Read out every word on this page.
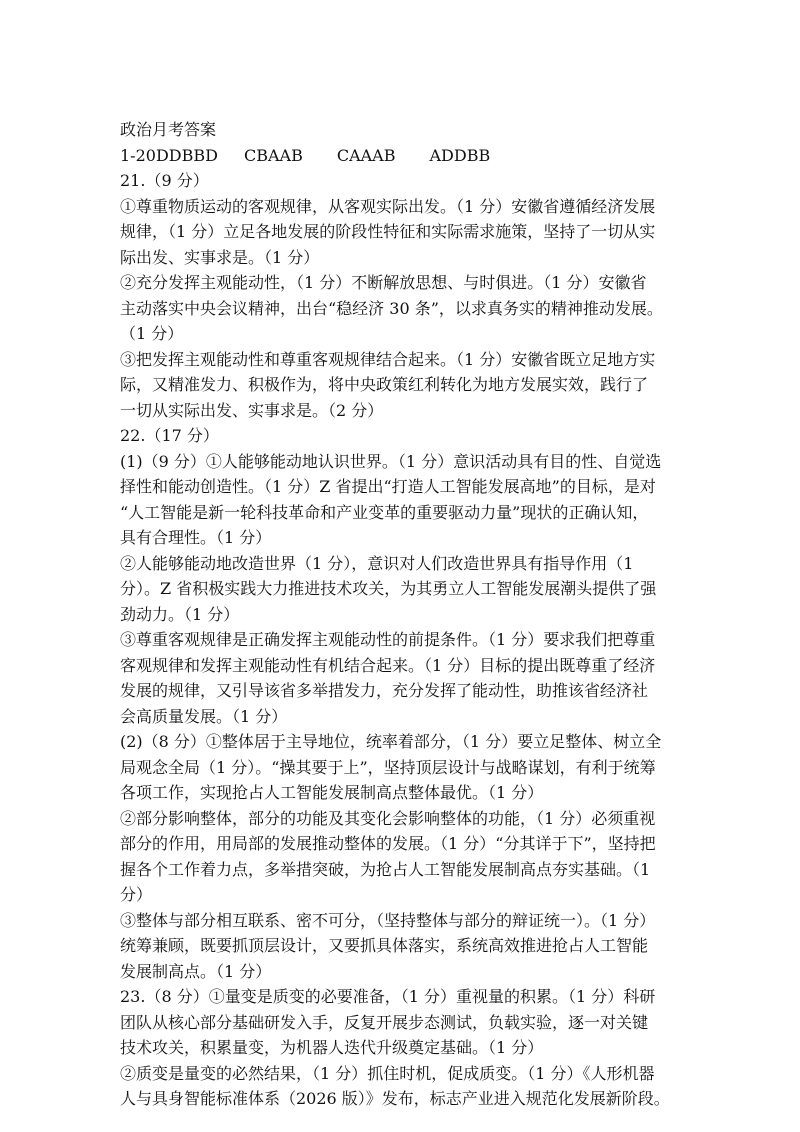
政治月考答案
1-20DDBBD CBAAB CAAAB ADDBB
21.（9 分）
①尊重物质运动的客观规律，从客观实际出发。（1 分）安徽省遵循经济发展
规律，（1 分）立足各地发展的阶段性特征和实际需求施策，坚持了一切从实
际出发、实事求是。（1 分）
②充分发挥主观能动性，（1 分）不断解放思想、与时俱进。（1 分）安徽省
主动落实中央会议精神，出台“稳经济 30 条”，以求真务实的精神推动发展。
（1 分）
③把发挥主观能动性和尊重客观规律结合起来。（1 分）安徽省既立足地方实
际，又精准发力、积极作为，将中央政策红利转化为地方发展实效，践行了
一切从实际出发、实事求是。（2 分）
22.（17 分）
(1)（9 分）①人能够能动地认识世界。（1 分）意识活动具有目的性、自觉选
择性和能动创造性。（1 分）Z 省提出“打造人工智能发展高地”的目标，是对
“人工智能是新一轮科技革命和产业变革的重要驱动力量”现状的正确认知，
具有合理性。（1 分）
②人能够能动地改造世界（1 分），意识对人们改造世界具有指导作用（1
分）。Z 省积极实践大力推进技术攻关，为其勇立人工智能发展潮头提供了强
劲动力。（1 分）
③尊重客观规律是正确发挥主观能动性的前提条件。（1 分）要求我们把尊重
客观规律和发挥主观能动性有机结合起来。（1 分）目标的提出既尊重了经济
发展的规律，又引导该省多举措发力，充分发挥了能动性，助推该省经济社
会高质量发展。（1 分）
(2)（8 分）①整体居于主导地位，统率着部分，（1 分）要立足整体、树立全
局观念全局（1 分）。“操其要于上”，坚持顶层设计与战略谋划，有利于统筹
各项工作，实现抢占人工智能发展制高点整体最优。（1 分）
②部分影响整体，部分的功能及其变化会影响整体的功能，（1 分）必须重视
部分的作用，用局部的发展推动整体的发展。（1 分）“分其详于下”，坚持把
握各个工作着力点，多举措突破，为抢占人工智能发展制高点夯实基础。（1
分）
③整体与部分相互联系、密不可分，（坚持整体与部分的辩证统一）。（1 分）
统筹兼顾，既要抓顶层设计，又要抓具体落实，系统高效推进抢占人工智能
发展制高点。（1 分）
23.（8 分）①量变是质变的必要准备，（1 分）重视量的积累。（1 分）科研
团队从核心部分基础研发入手，反复开展步态测试，负载实验，逐一对关键
技术攻关，积累量变，为机器人迭代升级奠定基础。（1 分）
②质变是量变的必然结果，（1 分）抓住时机，促成质变。（1 分）《人形机器
人与具身智能标准体系（2026 版）》发布，标志产业进入规范化发展新阶段。
